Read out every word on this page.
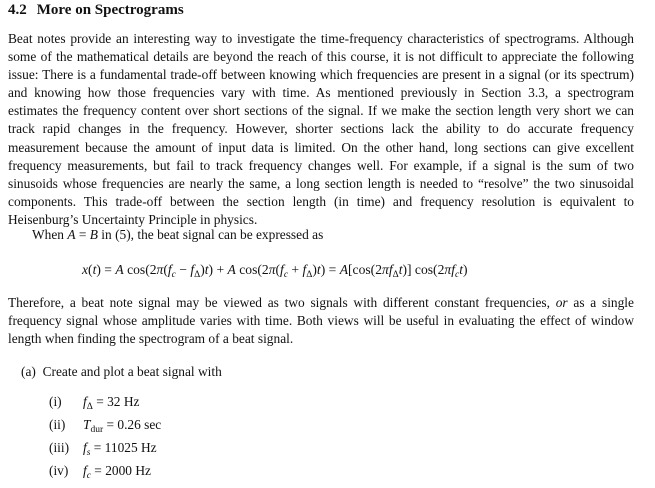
4.2 More on Spectrograms
Beat notes provide an interesting way to investigate the time-frequency characteristics of spectrograms. Although some of the mathematical details are beyond the reach of this course, it is not difficult to appreciate the following issue: There is a fundamental trade-off between knowing which frequencies are present in a signal (or its spectrum) and knowing how those frequencies vary with time. As mentioned previously in Section 3.3, a spectrogram estimates the frequency content over short sections of the signal. If we make the section length very short we can track rapid changes in the frequency. However, shorter sections lack the ability to do accurate frequency measurement because the amount of input data is limited. On the other hand, long sections can give excellent frequency measurements, but fail to track frequency changes well. For example, if a signal is the sum of two sinusoids whose frequencies are nearly the same, a long section length is needed to “resolve” the two sinusoidal components. This trade-off between the section length (in time) and frequency resolution is equivalent to Heisenburg’s Uncertainty Principle in physics.
When A = B in (5), the beat signal can be expressed as
x(t) = A $\cos(2\pi(f_c - f_\Delta)t) + A$ $\cos(2\pi(f_c + f_\Delta)t) = A[\cos(2\pi f_\Delta t)]$ $\cos(2\pi f_ct)$
Therefore, a beat note signal may be viewed as two signals with different constant frequencies, or as a single frequency signal whose amplitude varies with time. Both views will be useful in evaluating the effect of window length when finding the spectrogram of a beat signal.
(a) Create and plot a beat signal with
(i) $f_\Delta = 32$ Hz
(ii) $T_{dur} = 0.26$ sec
(iii) $f_s = 11025$ Hz
(iv) $f_c = 2000$ Hz
